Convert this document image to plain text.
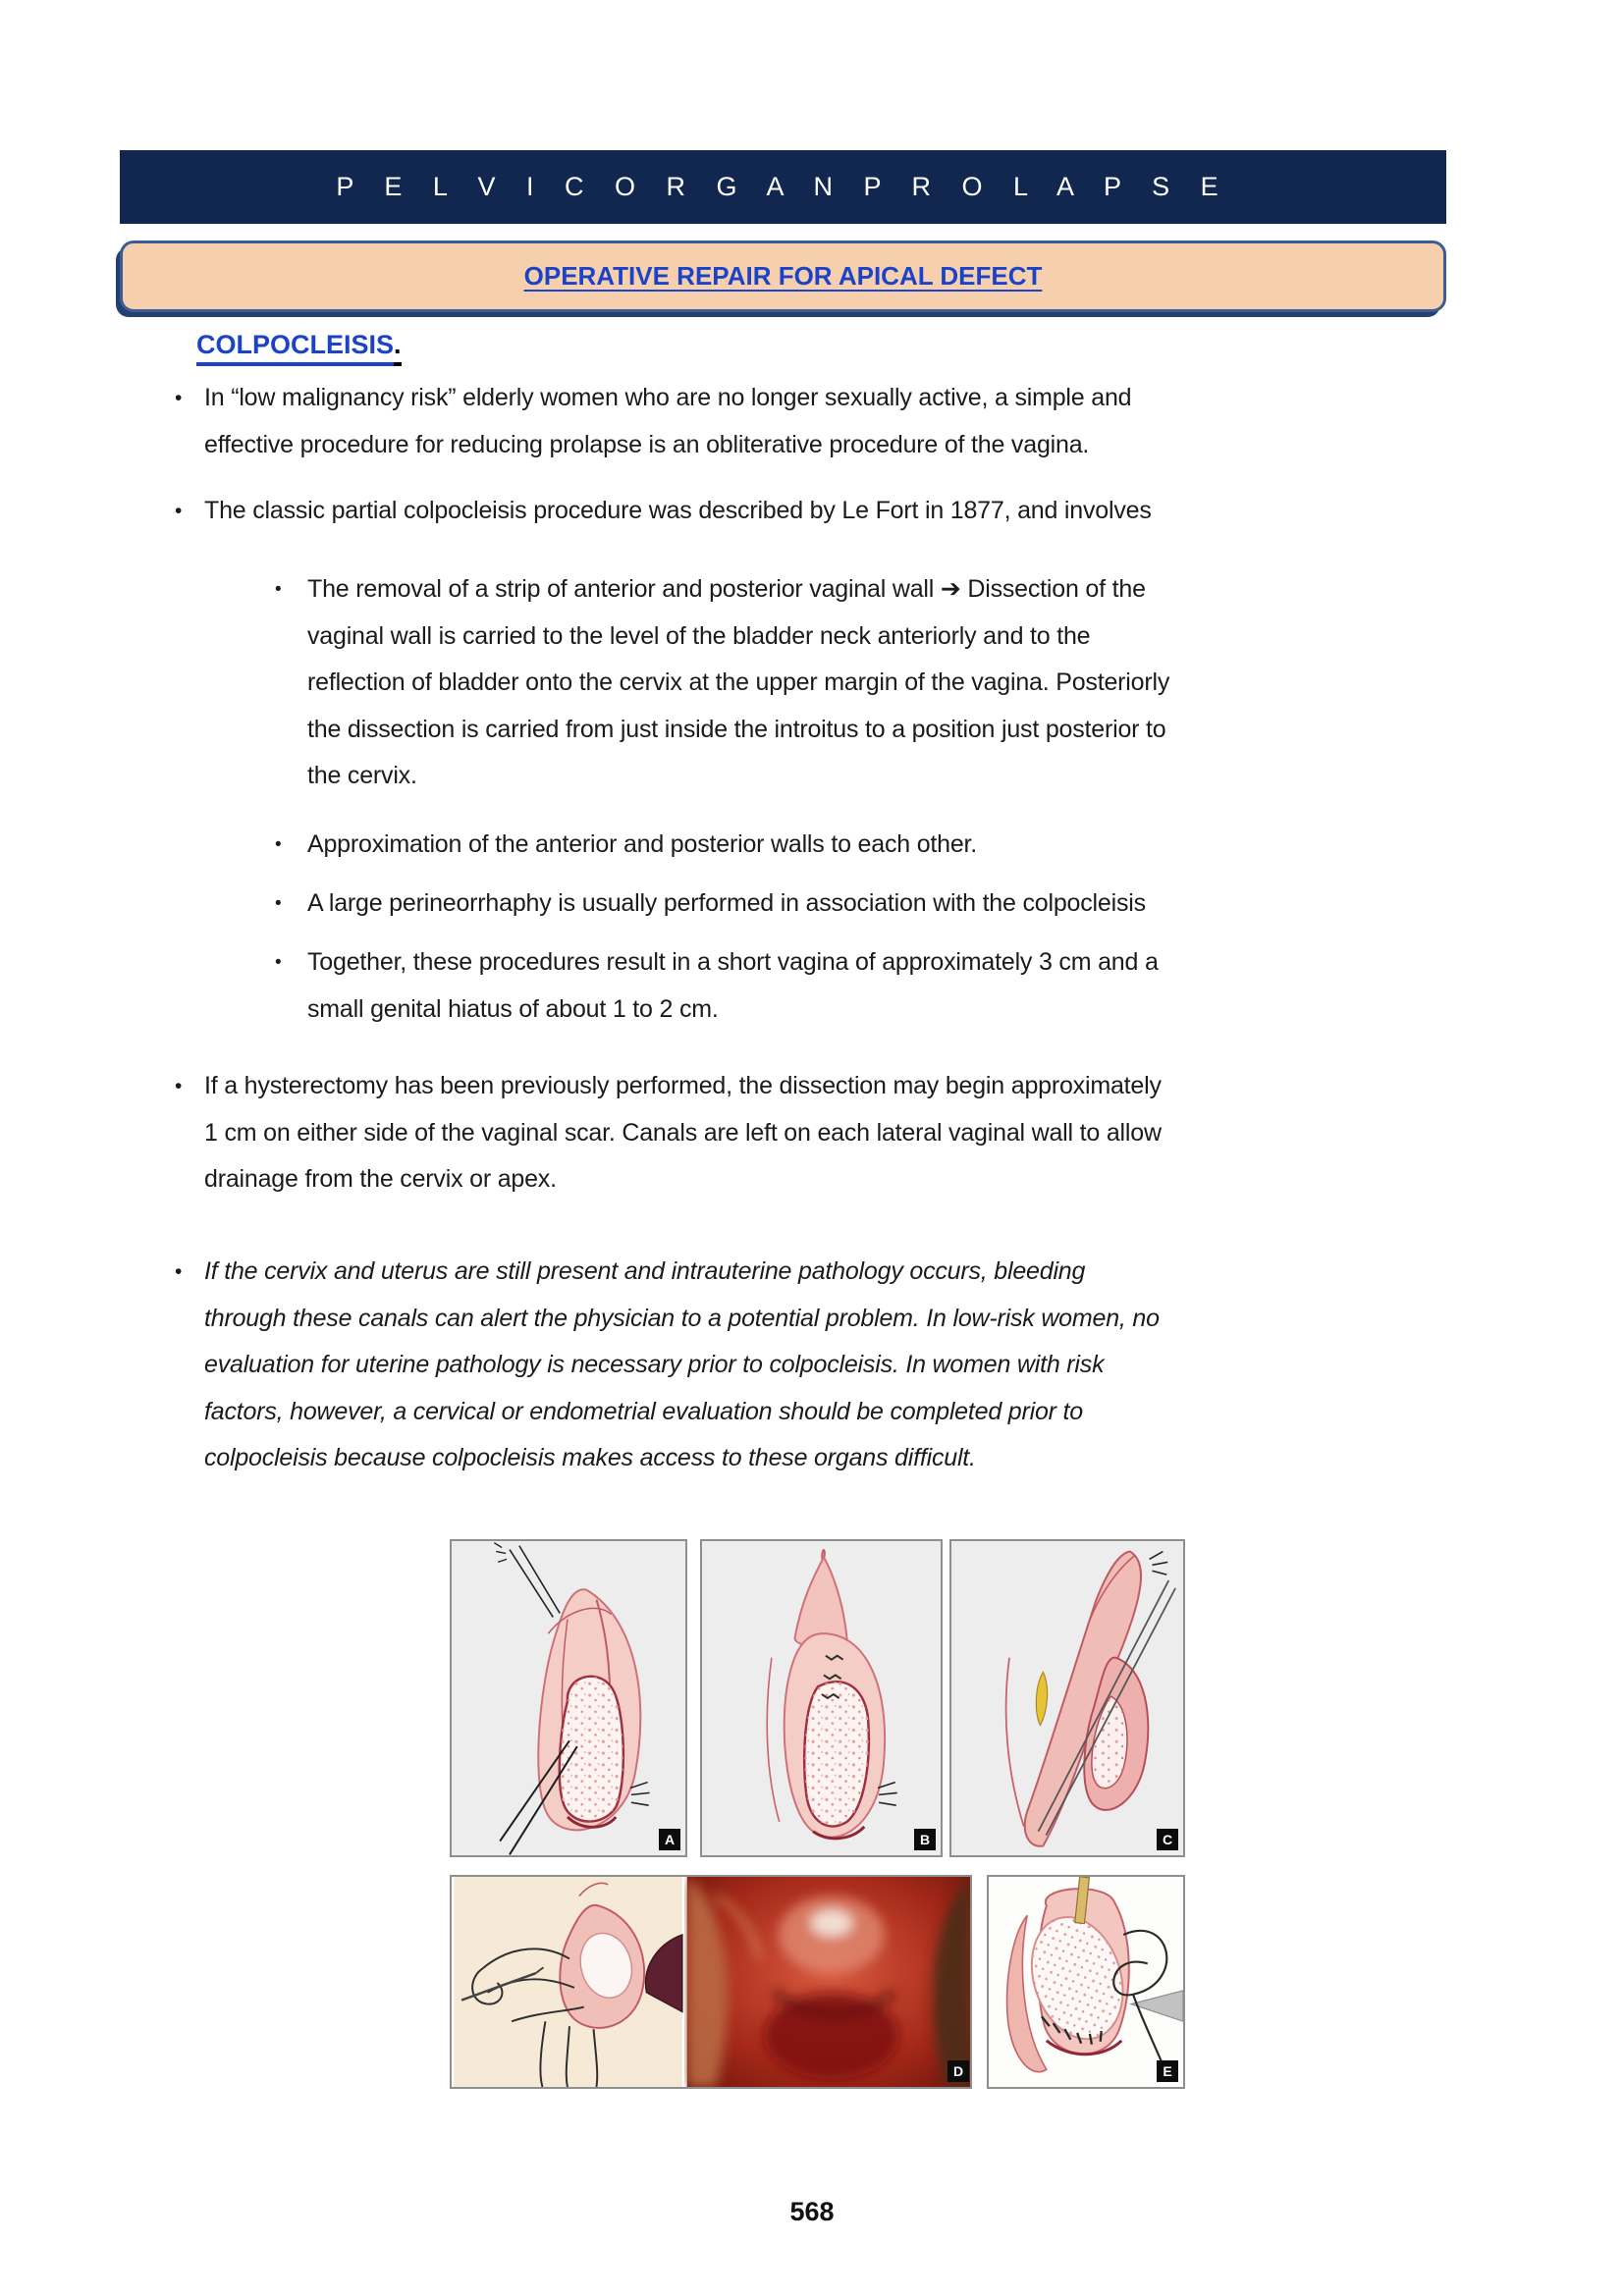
P E L V I C O R G A N P R O L A P S E
OPERATIVE REPAIR FOR APICAL DEFECT
COLPOCLEISIS.
• In “low malignancy risk” elderly women who are no longer sexually active, a simple and
effective procedure for reducing prolapse is an obliterative procedure of the vagina.
• The classic partial colpocleisis procedure was described by Le Fort in 1877, and involves
•	The removal of a strip of anterior and posterior vaginal wall ➔ Dissection of the
vaginal wall is carried to the level of the bladder neck anteriorly and to the
reflection of bladder onto the cervix at the upper margin of the vagina. Posteriorly
the dissection is carried from just inside the introitus to a position just posterior to
the cervix.
•	Approximation of the anterior and posterior walls to each other.
•	A large perineorrhaphy is usually performed in association with the colpocleisis
•	Together, these procedures result in a short vagina of approximately 3 cm and a
small genital hiatus of about 1 to 2 cm.
• If a hysterectomy has been previously performed, the dissection may begin approximately
1 cm on either side of the vaginal scar. Canals are left on each lateral vaginal wall to allow
drainage from the cervix or apex.
• If the cervix and uterus are still present and intrauterine pathology occurs, bleeding
through these canals can alert the physician to a potential problem. In low-risk women, no
evaluation for uterine pathology is necessary prior to colpocleisis. In women with risk
factors, however, a cervical or endometrial evaluation should be completed prior to
colpocleisis because colpocleisis makes access to these organs difficult.
A	B	C
D	E
568
